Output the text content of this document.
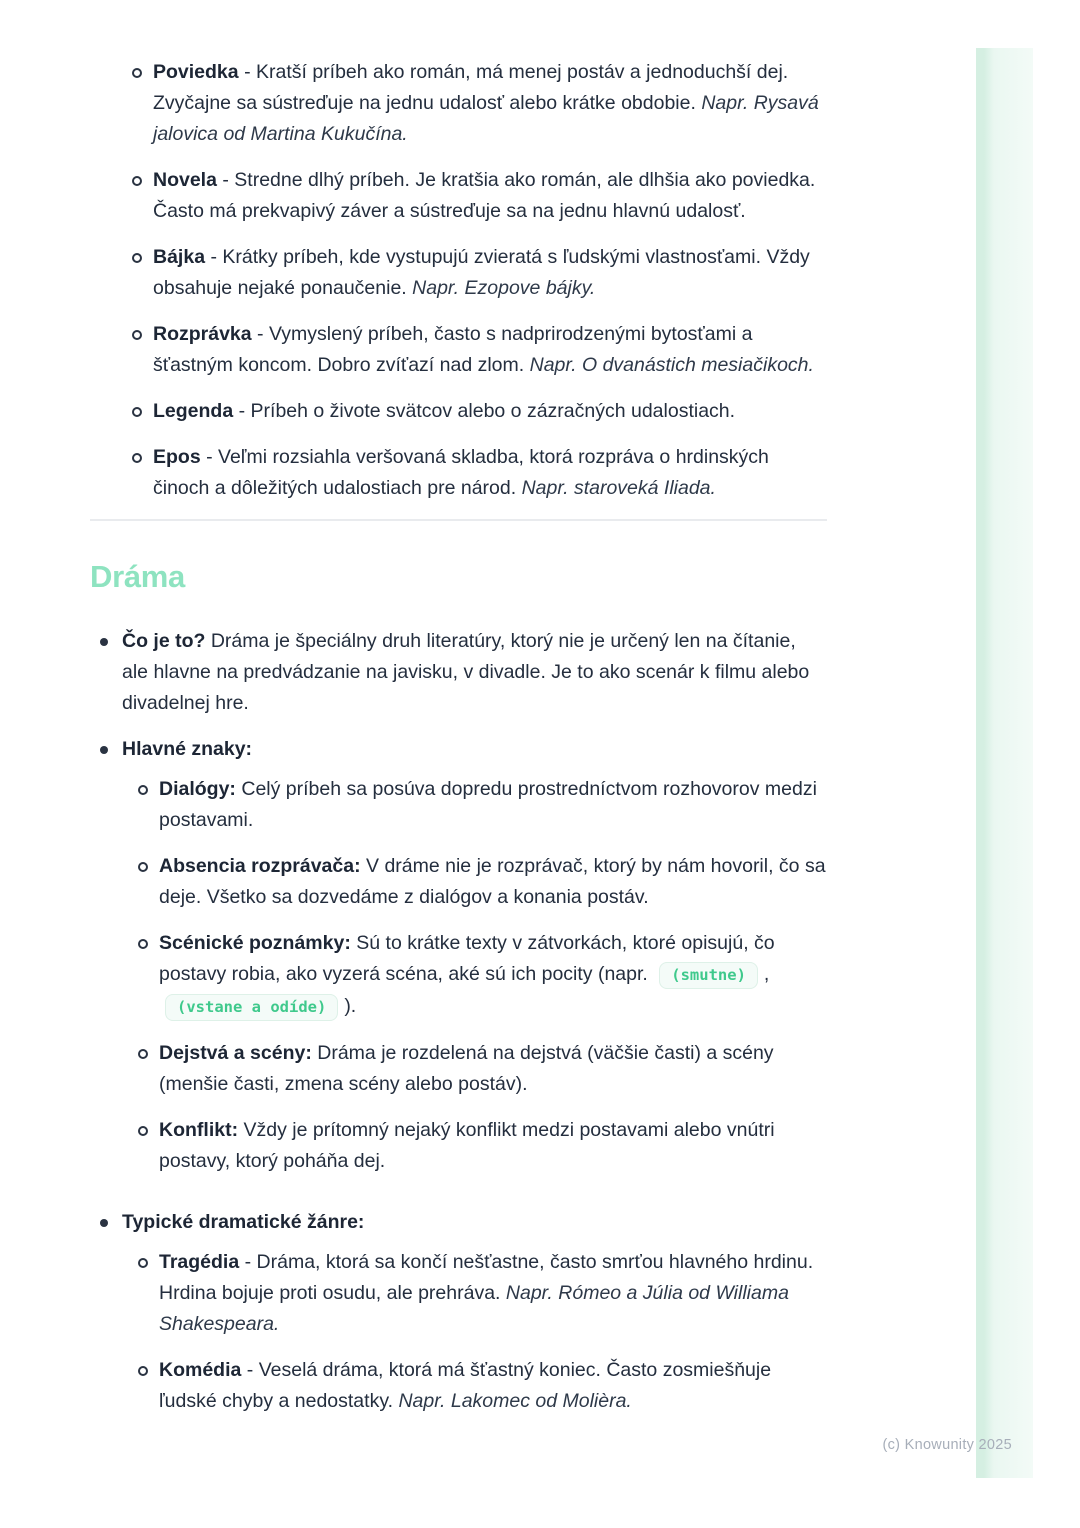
Poviedka - Kratší príbeh ako román, má menej postáv a jednoduchší dej. Zvyčajne sa sústreďuje na jednu udalosť alebo krátke obdobie. Napr. Rysavá jalovica od Martina Kukučína.
Novela - Stredne dlhý príbeh. Je kratšia ako román, ale dlhšia ako poviedka. Často má prekvapivý záver a sústreďuje sa na jednu hlavnú udalosť.
Bájka - Krátky príbeh, kde vystupujú zvieratá s ľudskými vlastnosťami. Vždy obsahuje nejaké ponaučenie. Napr. Ezopove bájky.
Rozprávka - Vymyslený príbeh, často s nadprirodzenými bytosťami a šťastným koncom. Dobro zvíťazí nad zlom. Napr. O dvanástich mesiačikoch.
Legenda - Príbeh o živote svätcov alebo o zázračných udalostiach.
Epos - Veľmi rozsiahla veršovaná skladba, ktorá rozpráva o hrdinských činoch a dôležitých udalostiach pre národ. Napr. staroveká Iliada.
Dráma
Čo je to? Dráma je špeciálny druh literatúry, ktorý nie je určený len na čítanie, ale hlavne na predvádzanie na javisku, v divadle. Je to ako scenár k filmu alebo divadelnej hre.
Hlavné znaky:
Dialógy: Celý príbeh sa posúva dopredu prostredníctvom rozhovorov medzi postavami.
Absencia rozprávača: V dráme nie je rozprávač, ktorý by nám hovoril, čo sa deje. Všetko sa dozvedáme z dialógov a konania postáv.
Scénické poznámky: Sú to krátke texty v zátvorkách, ktoré opisujú, čo postavy robia, ako vyzerá scéna, aké sú ich pocity (napr. (smutne) , (vstane a odíde) ).
Dejstvá a scény: Dráma je rozdelená na dejstvá (väčšie časti) a scény (menšie časti, zmena scény alebo postáv).
Konflikt: Vždy je prítomný nejaký konflikt medzi postavami alebo vnútri postavy, ktorý poháňa dej.
Typické dramatické žánre:
Tragédia - Dráma, ktorá sa končí nešťastne, často smrťou hlavného hrdinu. Hrdina bojuje proti osudu, ale prehráva. Napr. Rómeo a Júlia od Williama Shakespeara.
Komédia - Veselá dráma, ktorá má šťastný koniec. Často zosmiešňuje ľudské chyby a nedostatky. Napr. Lakomec od Molièra.
(c) Knowunity 2025
